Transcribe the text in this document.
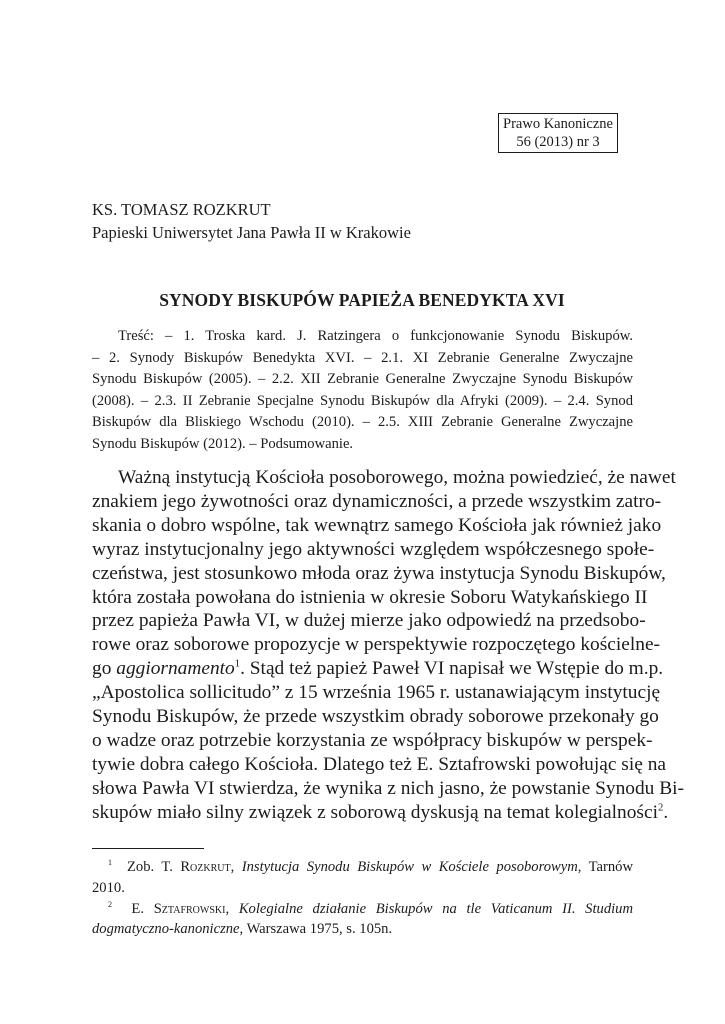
Prawo Kanoniczne
56 (2013) nr 3
KS. TOMASZ ROZKRUT
Papieski Uniwersytet Jana Pawła II w Krakowie
SYNODY BISKUPÓW PAPIEŻA BENEDYKTA XVI
Treść: – 1. Troska kard. J. Ratzingera o funkcjonowanie Synodu Biskupów.
– 2. Synody Biskupów Benedykta XVI. – 2.1. XI Zebranie Generalne Zwyczajne
Synodu Biskupów (2005). – 2.2. XII Zebranie Generalne Zwyczajne Synodu Biskupów
(2008). – 2.3. II Zebranie Specjalne Synodu Biskupów dla Afryki (2009). – 2.4. Synod
Biskupów dla Bliskiego Wschodu (2010). – 2.5. XIII Zebranie Generalne Zwyczajne
Synodu Biskupów (2012). – Podsumowanie.
Ważną instytucją Kościoła posoborowego, można powiedzieć, że nawet
znakiem jego żywotności oraz dynamiczności, a przede wszystkim zatro-
skania o dobro wspólne, tak wewnątrz samego Kościoła jak również jako
wyraz instytucjonalny jego aktywności względem współczesnego społe-
czeństwa, jest stosunkowo młoda oraz żywa instytucja Synodu Biskupów,
która została powołana do istnienia w okresie Soboru Watykańskiego II
przez papieża Pawła VI, w dużej mierze jako odpowiedź na przedsobo-
rowe oraz soborowe propozycje w perspektywie rozpoczętego kościelne-
go aggiornamento$^1$. Stąd też papież Paweł VI napisał we Wstępie do m.p.
„Apostolica sollicitudo” z 15 września 1965 r. ustanawiającym instytucję
Synodu Biskupów, że przede wszystkim obrady soborowe przekonały go
o wadze oraz potrzebie korzystania ze współpracy biskupów w perspek-
tywie dobra całego Kościoła. Dlatego też E. Sztafrowski powołując się na
słowa Pawła VI stwierdza, że wynika z nich jasno, że powstanie Synodu Bi-
skupów miało silny związek z soborową dyskusją na temat kolegialności$^2$.
$^1$ Zob. T. Rozkrut, Instytucja Synodu Biskupów w Kościele posoborowym, Tarnów
2010.
$^2$ E. Sztafrowski, Kolegialne działanie Biskupów na tle Vaticanum II. Studium
dogmatyczno-kanoniczne, Warszawa 1975, s. 105n.
